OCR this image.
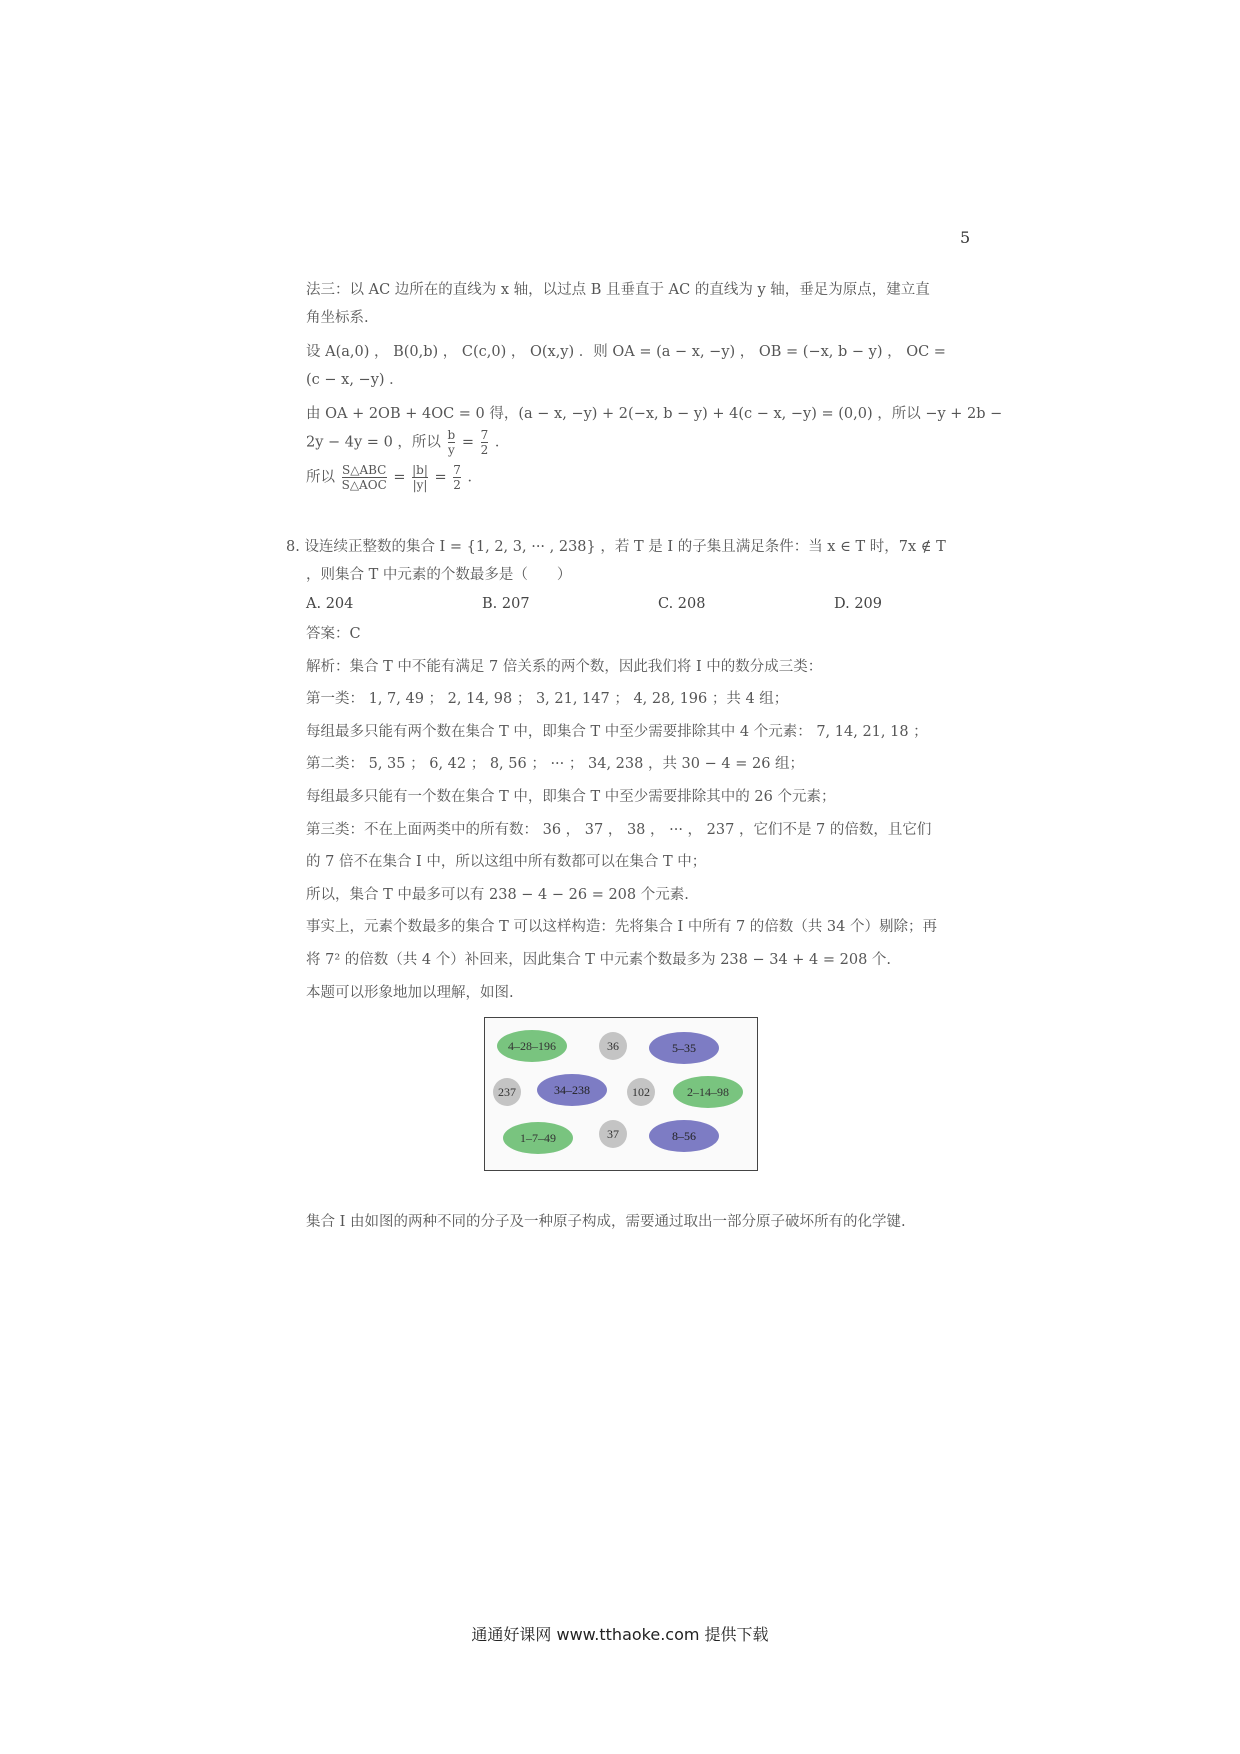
5
法三：以 AC 边所在的直线为 x 轴，以过点 B 且垂直于 AC 的直线为 y 轴，垂足为原点，建立直
角坐标系.
设 A(a,0) ， B(0,b) ， C(c,0) ， O(x,y) ．则 OA = (a − x, −y) ， OB = (−x, b − y) ， OC =
(c − x, −y) ．
由 OA + 2OB + 4OC = 0 得，(a − x, −y) + 2(−x, b − y) + 4(c − x, −y) = (0,0) ，所以 −y + 2b −
2y − 4y = 0 ，所以 $\frac{b}{y} = \frac{7}{2}$ ．
所以 $\frac{\text{S△ABC}}{\text{S△AOC}} = \frac{|b|}{|y|} = \frac{7}{2}$ ．
8. 设连续正整数的集合 I = {1, 2, 3, ··· , 238} ，若 T 是 I 的子集且满足条件：当 x ∈ T 时，7x ∉ T
，则集合 T 中元素的个数最多是（　　）
A. 204	B. 207	C. 208	D. 209
答案：C
解析：集合 T 中不能有满足 7 倍关系的两个数，因此我们将 I 中的数分成三类：
第一类： 1, 7, 49 ； 2, 14, 98 ； 3, 21, 147 ； 4, 28, 196 ；共 4 组；
每组最多只能有两个数在集合 T 中，即集合 T 中至少需要排除其中 4 个元素： 7, 14, 21, 18 ；
第二类： 5, 35 ； 6, 42 ； 8, 56 ； ··· ； 34, 238 ，共 30 − 4 = 26 组；
每组最多只能有一个数在集合 T 中，即集合 T 中至少需要排除其中的 26 个元素；
第三类：不在上面两类中的所有数： 36 ， 37 ， 38 ， ··· ， 237 ，它们不是 7 的倍数，且它们
的 7 倍不在集合 I 中，所以这组中所有数都可以在集合 T 中；
所以，集合 T 中最多可以有 238 − 4 − 26 = 208 个元素.
事实上，元素个数最多的集合 T 可以这样构造：先将集合 I 中所有 7 的倍数（共 34 个）剔除；再
将 7² 的倍数（共 4 个）补回来，因此集合 T 中元素个数最多为 238 − 34 + 4 = 208 个.
本题可以形象地加以理解，如图.
4–28–196	36	5–35
237	34–238	102	2–14–98
1–7–49	37	8–56
集合 I 由如图的两种不同的分子及一种原子构成，需要通过取出一部分原子破坏所有的化学键.
通通好课网 www.tthaoke.com 提供下载
